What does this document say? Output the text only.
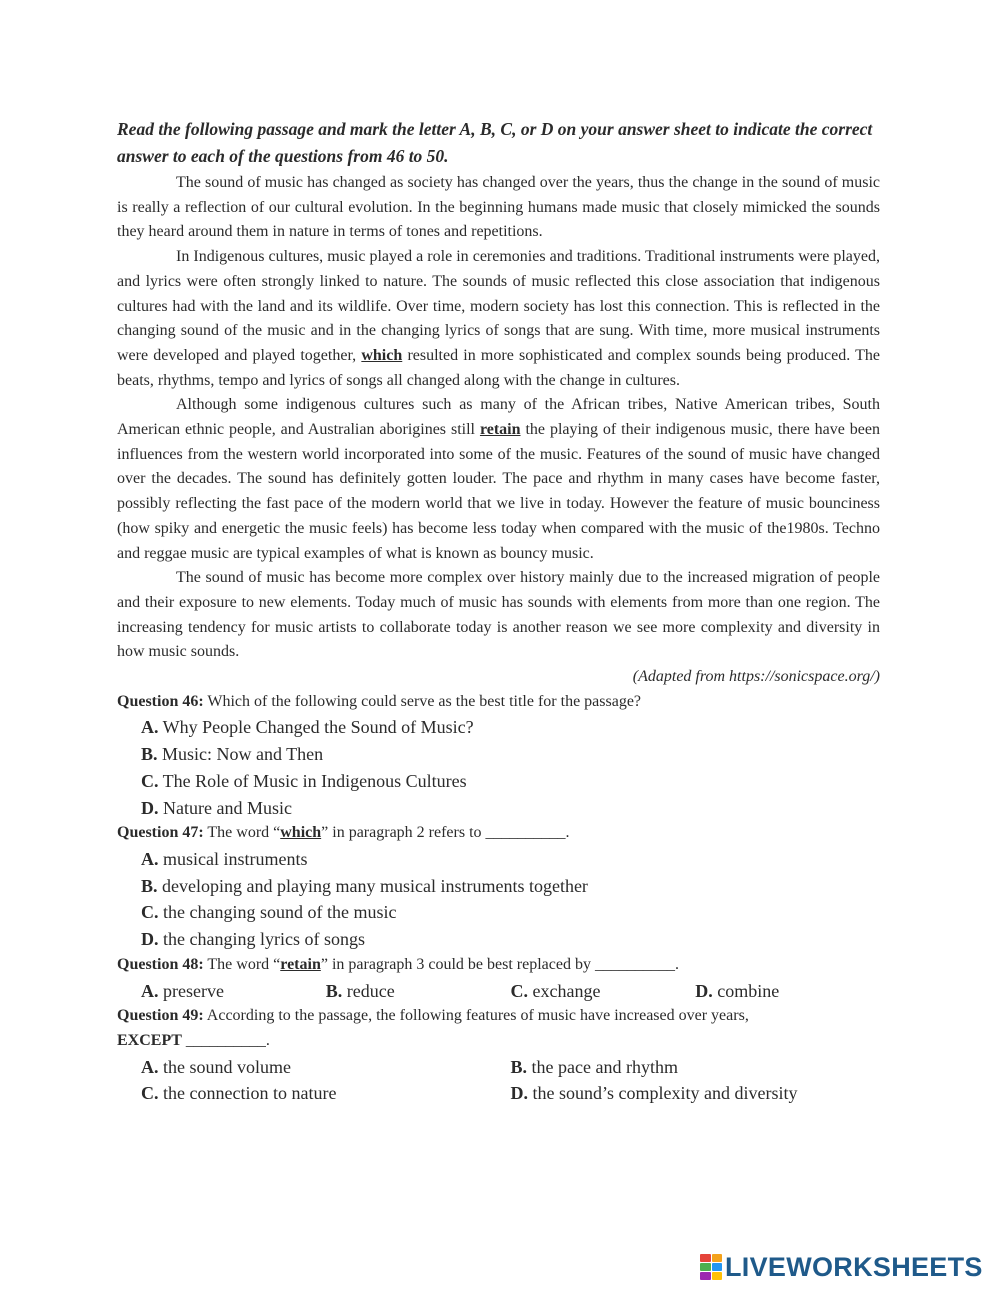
Read the following passage and mark the letter A, B, C, or D on your answer sheet to indicate the correct answer to each of the questions from 46 to 50.

The sound of music has changed as society has changed over the years, thus the change in the sound of music is really a reflection of our cultural evolution. In the beginning humans made music that closely mimicked the sounds they heard around them in nature in terms of tones and repetitions.

In Indigenous cultures, music played a role in ceremonies and traditions. Traditional instruments were played, and lyrics were often strongly linked to nature. The sounds of music reflected this close association that indigenous cultures had with the land and its wildlife. Over time, modern society has lost this connection. This is reflected in the changing sound of the music and in the changing lyrics of songs that are sung. With time, more musical instruments were developed and played together, which resulted in more sophisticated and complex sounds being produced. The beats, rhythms, tempo and lyrics of songs all changed along with the change in cultures.

Although some indigenous cultures such as many of the African tribes, Native American tribes, South American ethnic people, and Australian aborigines still retain the playing of their indigenous music, there have been influences from the western world incorporated into some of the music. Features of the sound of music have changed over the decades. The sound has definitely gotten louder. The pace and rhythm in many cases have become faster, possibly reflecting the fast pace of the modern world that we live in today. However the feature of music bounciness (how spiky and energetic the music feels) has become less today when compared with the music of the1980s. Techno and reggae music are typical examples of what is known as bouncy music.

The sound of music has become more complex over history mainly due to the increased migration of people and their exposure to new elements. Today much of music has sounds with elements from more than one region. The increasing tendency for music artists to collaborate today is another reason we see more complexity and diversity in how music sounds.

(Adapted from https://sonicspace.org/)

Question 46: Which of the following could serve as the best title for the passage?

A. Why People Changed the Sound of Music?
B. Music: Now and Then
C. The Role of Music in Indigenous Cultures
D. Nature and Music

Question 47: The word “which” in paragraph 2 refers to __________.

A. musical instruments
B. developing and playing many musical instruments together
C. the changing sound of the music
D. the changing lyrics of songs

Question 48: The word “retain” in paragraph 3 could be best replaced by __________.

A. preserve	B. reduce	C. exchange	D. combine

Question 49: According to the passage, the following features of music have increased over years,
EXCEPT __________.

A. the sound volume	B. the pace and rhythm
C. the connection to nature	D. the sound’s complexity and diversity
LIVEWORKSHEETS
